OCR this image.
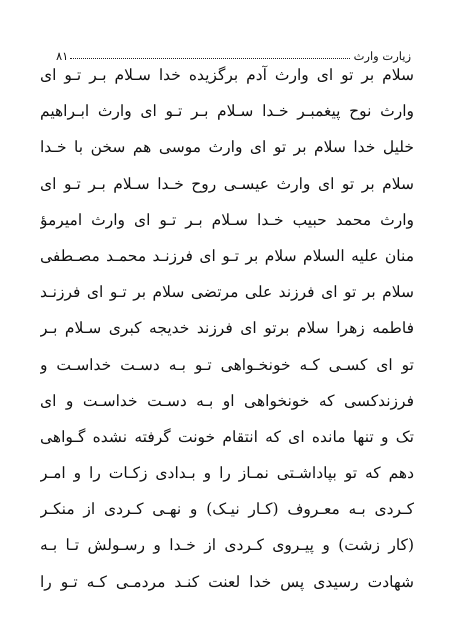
زیارت وارث
۸۱
سلام بر تو ای وارث آدم برگزیده خدا سـلام بـر تـو ای
وارث نوح پیغمبـر خـدا سـلام بـر تـو ای وارث ابـراهیم
خلیل خدا سلام بر تو ای وارث موسی هم سخن با خـدا
سلام بر تو ای وارث عیسـی روح خـدا سـلام بـر تـو ای
وارث محمد حبیب خـدا سـلام بـر تـو ای وارث امیرمؤ
منان علیه السلام سلام بر تـو ای فرزنـد محمـد مصـطفی
سلام بر تو ای فرزند علی مرتضی سلام بر تـو ای فرزنـد
فاطمه زهرا سلام برتو ای فرزند خدیجه کبری سـلام بـر
تو ای کسـی کـه خونخـواهی تـو بـه دسـت خداسـت و
فرزندکسی که خونخواهی او بـه دسـت خداسـت و ای
تک و تنها مانده ای که انتقام خونت گرفته نشده گـواهی
دهم که تو بپاداشـتی نمـاز را و بـدادی زکـات را و امـر
کـردی بـه معـروف (کـار نیـک) و نهـی کـردی از منکـر
(کار زشت) و پیـروی کـردی از خـدا و رسـولش تـا بـه
شهادت رسیدی پس خدا لعنت کنـد مردمـی کـه تـو را
